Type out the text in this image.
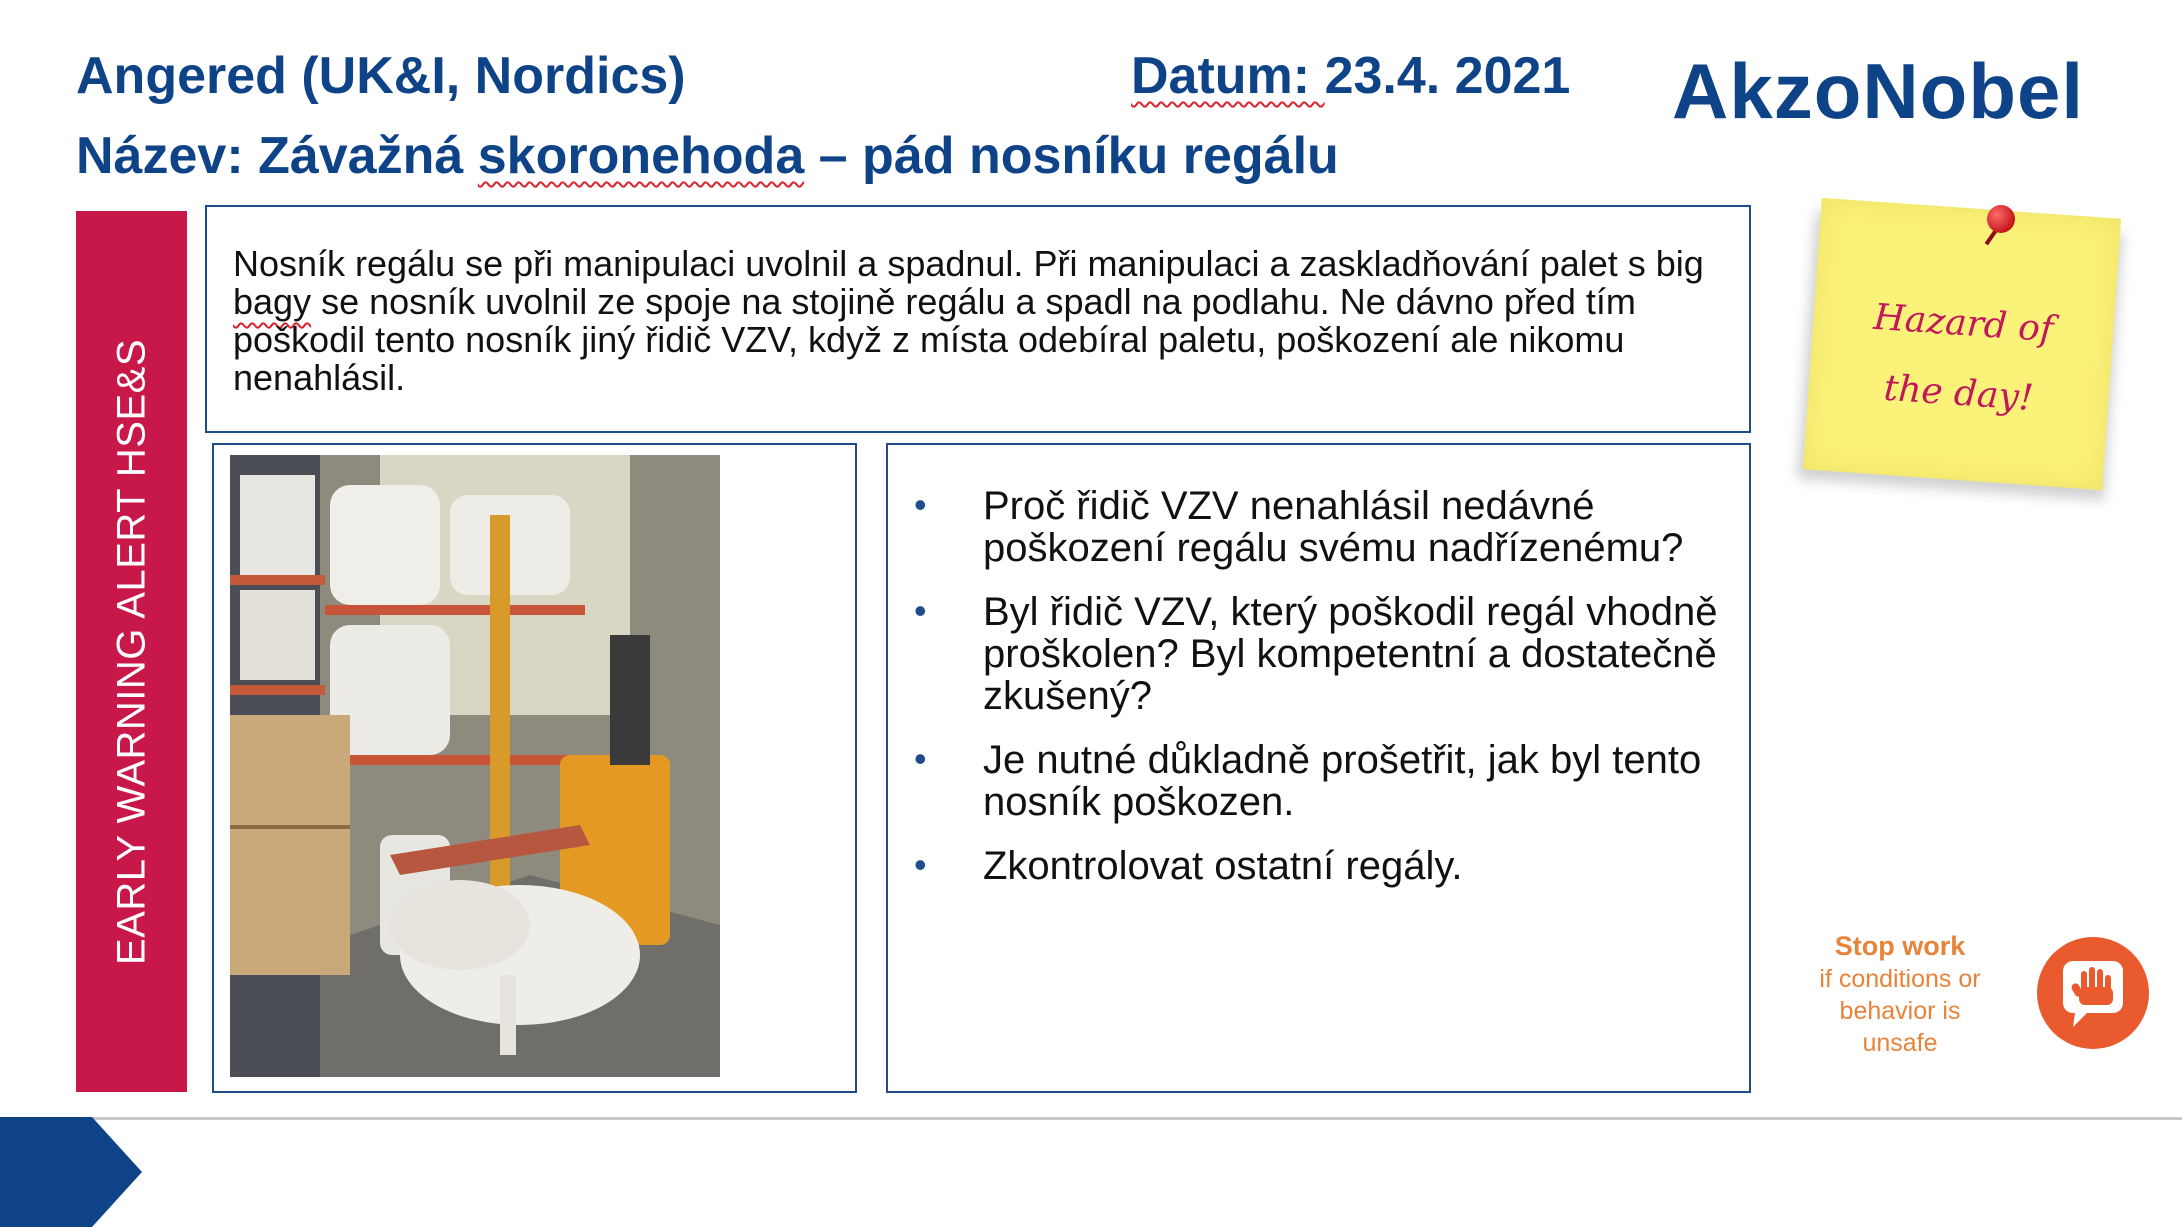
Angered (UK&I, Nordics)	Datum: 23.4. 2021
Název: Závažná skoronehoda – pád nosníku regálu
AkzoNobel
EARLY WARNING ALERT HSE&S
Nosník regálu se při manipulaci uvolnil a spadnul. Při manipulaci a zaskladňování palet s big bagy se nosník uvolnil ze spoje na stojině regálu a spadl na podlahu. Ne dávno před tím poškodil tento nosník jiný řidič VZV, když z místa odebíral paletu, poškození ale nikomu nenahlásil.
• Proč řidič VZV nenahlásil nedávné poškození regálu svému nadřízenému?
• Byl řidič VZV, který poškodil regál vhodně proškolen? Byl kompetentní a dostatečně zkušený?
• Je nutné důkladně prošetřit, jak byl tento nosník poškozen.
• Zkontrolovat ostatní regály.
Hazard of
the day!
Stop work
if conditions or
behavior is
unsafe
